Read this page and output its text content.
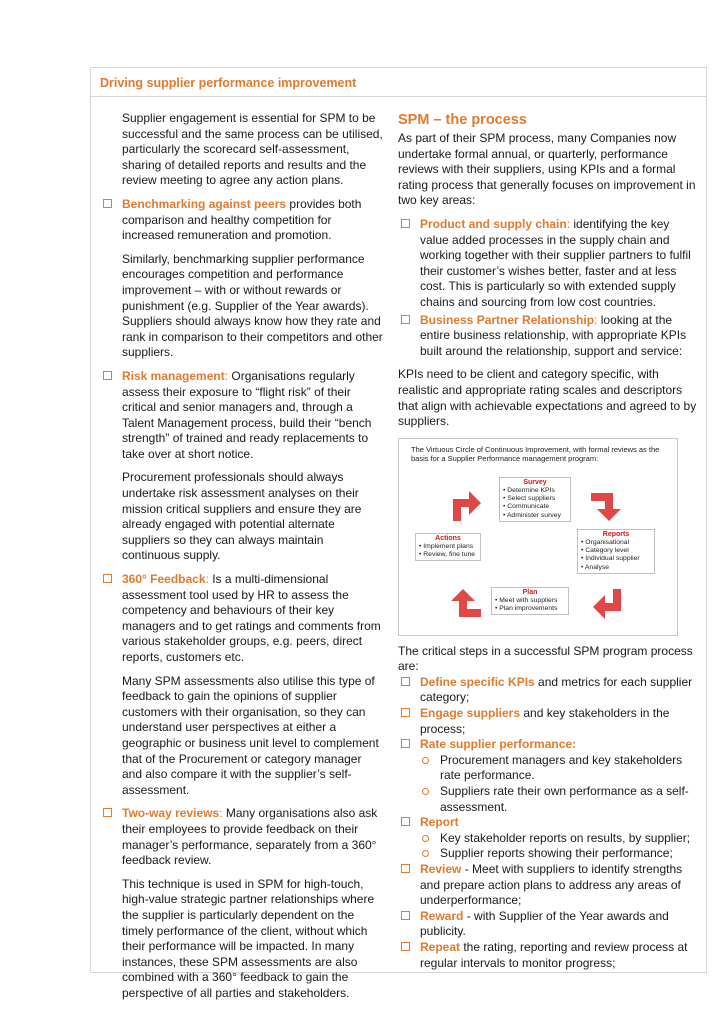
Driving supplier performance improvement

Supplier engagement is essential for SPM to be successful and the same process can be utilised, particularly the scorecard self-assessment, sharing of detailed reports and results and the review meeting to agree any action plans.

Benchmarking against peers provides both comparison and healthy competition for increased remuneration and promotion.

Similarly, benchmarking supplier performance encourages competition and performance improvement – with or without rewards or punishment (e.g. Supplier of the Year awards). Suppliers should always know how they rate and rank in comparison to their competitors and other suppliers.

Risk management: Organisations regularly assess their exposure to “flight risk” of their critical and senior managers and, through a Talent Management process, build their “bench strength” of trained and ready replacements to take over at short notice.

Procurement professionals should always undertake risk assessment analyses on their mission critical suppliers and ensure they are already engaged with potential alternate suppliers so they can always maintain continuous supply.

360° Feedback: Is a multi-dimensional assessment tool used by HR to assess the competency and behaviours of their key managers and to get ratings and comments from various stakeholder groups, e.g. peers, direct reports, customers etc.

Many SPM assessments also utilise this type of feedback to gain the opinions of supplier customers with their organisation, so they can understand user perspectives at either a geographic or business unit level to complement that of the Procurement or category manager and also compare it with the supplier’s self-assessment.

Two-way reviews: Many organisations also ask their employees to provide feedback on their manager’s performance, separately from a 360° feedback review.

This technique is used in SPM for high-touch, high-value strategic partner relationships where the supplier is particularly dependent on the timely performance of the client, without which their performance will be impacted. In many instances, these SPM assessments are also combined with a 360° feedback to gain the perspective of all parties and stakeholders.

SPM – the process

As part of their SPM process, many Companies now undertake formal annual, or quarterly, performance reviews with their suppliers, using KPIs and a formal rating process that generally focuses on improvement in two key areas:

Product and supply chain: identifying the key value added processes in the supply chain and working together with their supplier partners to fulfil their customer’s wishes better, faster and at less cost. This is particularly so with extended supply chains and sourcing from low cost countries.
Business Partner Relationship: looking at the entire business relationship, with appropriate KPIs built around the relationship, support and service:

KPIs need to be client and category specific, with realistic and appropriate rating scales and descriptors that align with achievable expectations and agreed to by suppliers.

The Virtuous Circle of Continuous Improvement, with formal reviews as the basis for a Supplier Performance management program:
Survey
• Determine KPIs
• Select suppliers
• Communicate
• Administer survey
Reports
• Organisational
• Category level
• Individual supplier
• Analyse
Plan
• Meet with suppliers
• Plan improvements
Actions
• Implement plans
• Review, fine tune

The critical steps in a successful SPM program process are:

Define specific KPIs and metrics for each supplier category;
Engage suppliers and key stakeholders in the process;
Rate supplier performance:
Procurement managers and key stakeholders rate performance.
Suppliers rate their own performance as a self-assessment.
Report
Key stakeholder reports on results, by supplier;
Supplier reports showing their performance;
Review - Meet with suppliers to identify strengths and prepare action plans to address any areas of underperformance;
Reward - with Supplier of the Year awards and publicity.
Repeat the rating, reporting and review process at regular intervals to monitor progress;
